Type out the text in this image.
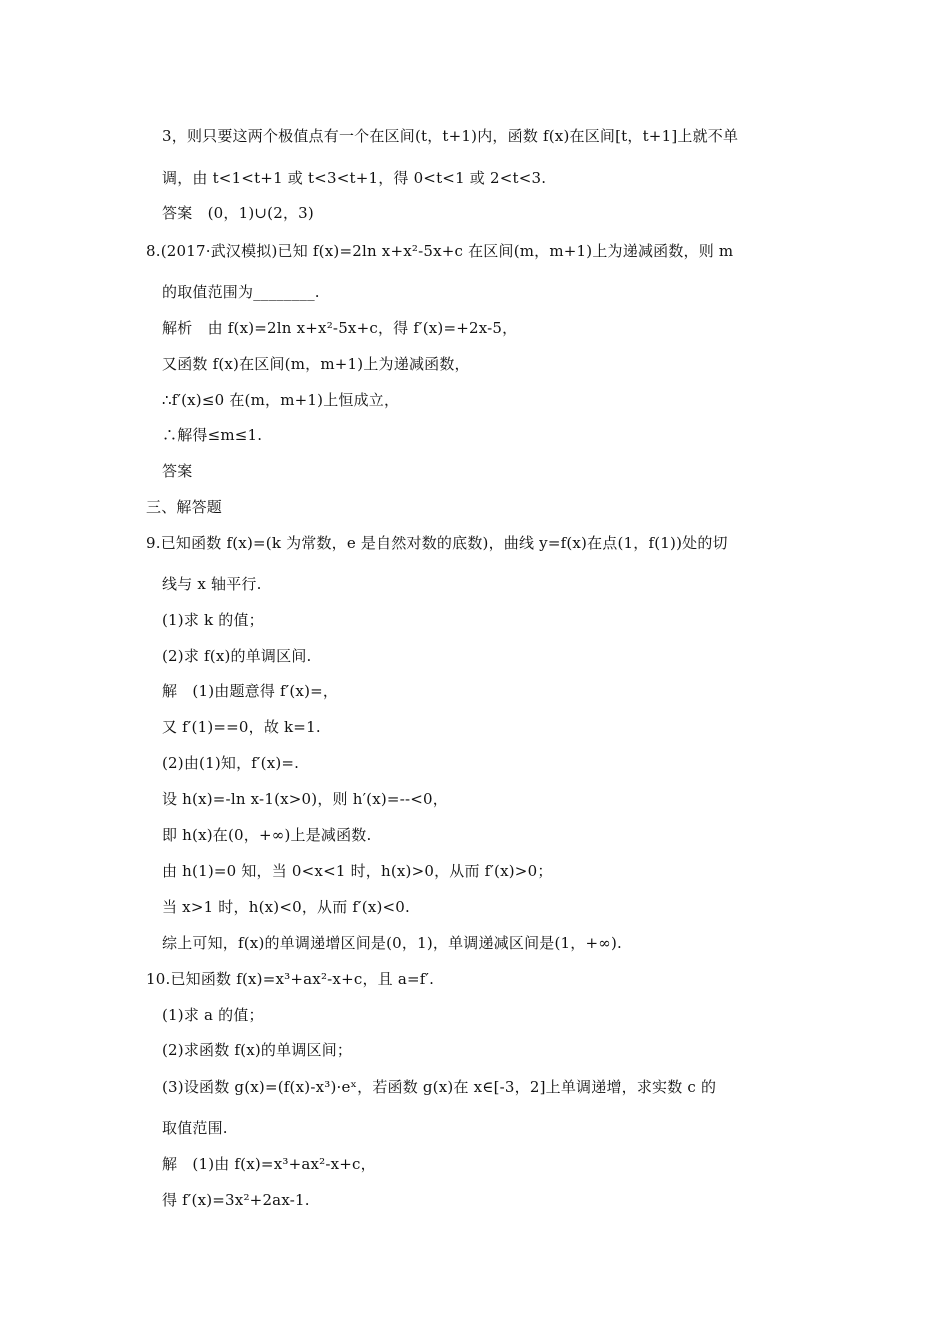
3，则只要这两个极值点有一个在区间(t，t+1)内，函数 f(x)在区间[t，t+1]上就不单
调，由 t<1<t+1 或 t<3<t+1，得 0<t<1 或 2<t<3.
答案　(0，1)∪(2，3)
8.(2017·武汉模拟)已知 f(x)=2ln x+x²-5x+c 在区间(m，m+1)上为递减函数，则 m
的取值范围为________.
解析　由 f(x)=2ln x+x²-5x+c，得 f′(x)=+2x-5，
又函数 f(x)在区间(m，m+1)上为递减函数，
∴f′(x)≤0 在(m，m+1)上恒成立，
∴解得≤m≤1.
答案
三、解答题
9.已知函数 f(x)=(k 为常数，e 是自然对数的底数)，曲线 y=f(x)在点(1，f(1))处的切
线与 x 轴平行.
(1)求 k 的值；
(2)求 f(x)的单调区间.
解　(1)由题意得 f′(x)=，
又 f′(1)==0，故 k=1.
(2)由(1)知，f′(x)=.
设 h(x)=-ln x-1(x>0)，则 h′(x)=--<0，
即 h(x)在(0，+∞)上是减函数.
由 h(1)=0 知，当 0<x<1 时，h(x)>0，从而 f′(x)>0；
当 x>1 时，h(x)<0，从而 f′(x)<0.
综上可知，f(x)的单调递增区间是(0，1)，单调递减区间是(1，+∞).
10.已知函数 f(x)=x³+ax²-x+c，且 a=f′.
(1)求 a 的值；
(2)求函数 f(x)的单调区间；
(3)设函数 g(x)=(f(x)-x³)·eˣ，若函数 g(x)在 x∈[-3，2]上单调递增，求实数 c 的
取值范围.
解　(1)由 f(x)=x³+ax²-x+c，
得 f′(x)=3x²+2ax-1.
